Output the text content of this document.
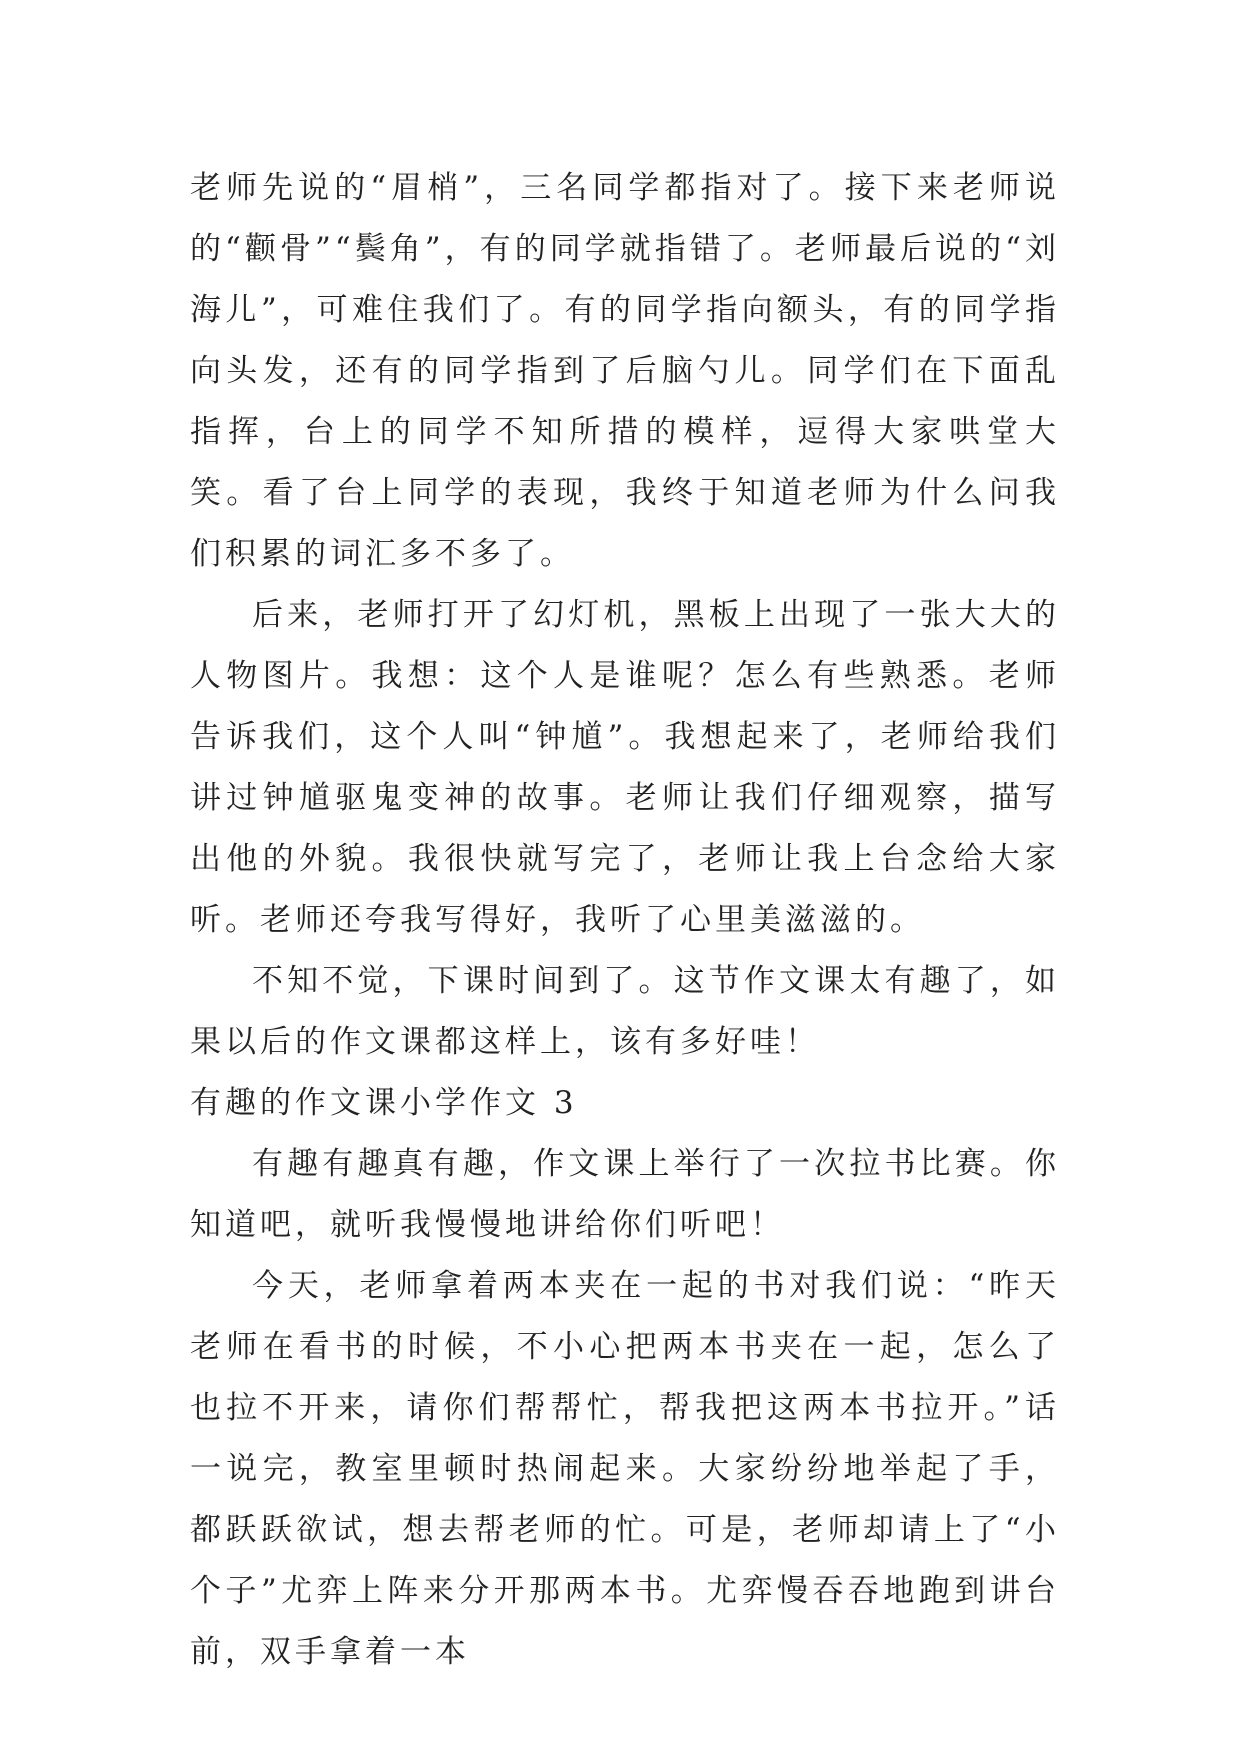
老师先说的“眉梢”，三名同学都指对了。接下来老师说的“颧骨”“鬓角”，有的同学就指错了。老师最后说的“刘海儿”，可难住我们了。有的同学指向额头，有的同学指向头发，还有的同学指到了后脑勺儿。同学们在下面乱指挥，台上的同学不知所措的模样，逗得大家哄堂大笑。看了台上同学的表现，我终于知道老师为什么问我们积累的词汇多不多了。

后来，老师打开了幻灯机，黑板上出现了一张大大的人物图片。我想：这个人是谁呢？怎么有些熟悉。老师告诉我们，这个人叫“钟馗”。我想起来了，老师给我们讲过钟馗驱鬼变神的故事。老师让我们仔细观察，描写出他的外貌。我很快就写完了，老师让我上台念给大家听。老师还夸我写得好，我听了心里美滋滋的。

不知不觉，下课时间到了。这节作文课太有趣了，如果以后的作文课都这样上，该有多好哇！

有趣的作文课小学作文 3

有趣有趣真有趣，作文课上举行了一次拉书比赛。你知道吧，就听我慢慢地讲给你们听吧！

今天，老师拿着两本夹在一起的书对我们说：“昨天老师在看书的时候，不小心把两本书夹在一起，怎么了也拉不开来，请你们帮帮忙，帮我把这两本书拉开。”话一说完，教室里顿时热闹起来。大家纷纷地举起了手，都跃跃欲试，想去帮老师的忙。可是，老师却请上了“小个子”尤弈上阵来分开那两本书。尤弈慢吞吞地跑到讲台前，双手拿着一本
